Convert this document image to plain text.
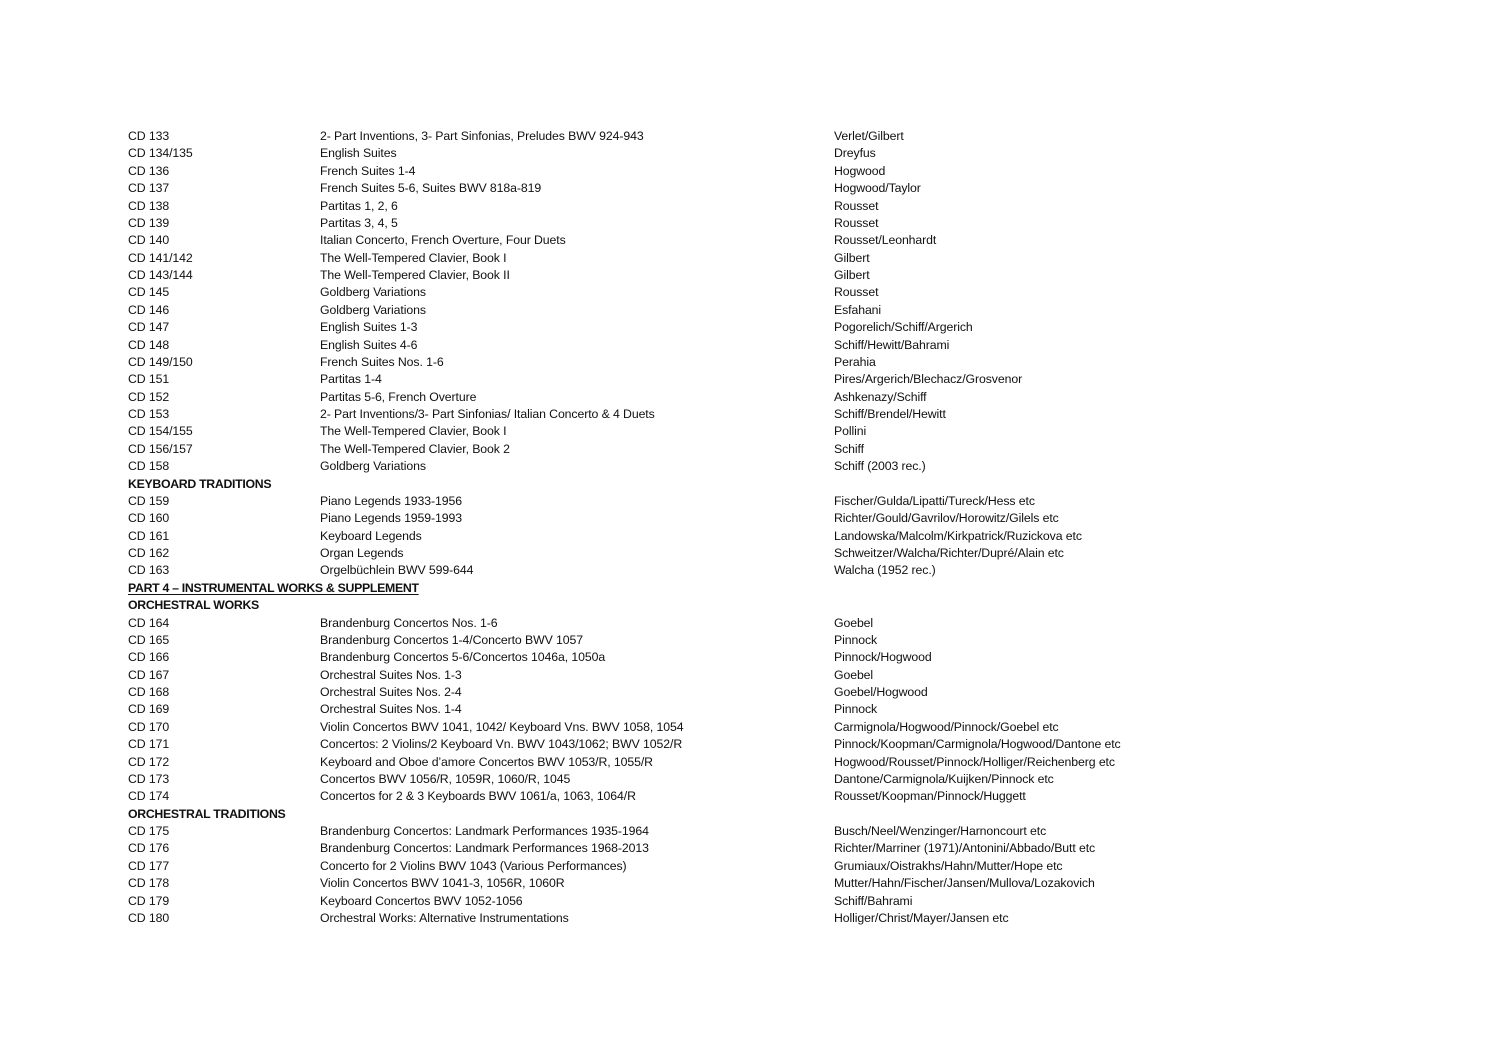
CD 133	2- Part Inventions, 3- Part Sinfonias, Preludes BWV 924-943	Verlet/Gilbert
CD 134/135	English Suites	Dreyfus
CD 136	French Suites 1-4	Hogwood
CD 137	French Suites 5-6, Suites BWV 818a-819	Hogwood/Taylor
CD 138	Partitas 1, 2, 6	Rousset
CD 139	Partitas 3, 4, 5	Rousset
CD 140	Italian Concerto, French Overture, Four Duets	Rousset/Leonhardt
CD 141/142	The Well-Tempered Clavier, Book I	Gilbert
CD 143/144	The Well-Tempered Clavier, Book II	Gilbert
CD 145	Goldberg Variations	Rousset
CD 146	Goldberg Variations	Esfahani
CD 147	English Suites 1-3	Pogorelich/Schiff/Argerich
CD 148	English Suites 4-6	Schiff/Hewitt/Bahrami
CD 149/150	French Suites Nos. 1-6	Perahia
CD 151	Partitas 1-4	Pires/Argerich/Blechacz/Grosvenor
CD 152	Partitas 5-6, French Overture	Ashkenazy/Schiff
CD 153	2- Part Inventions/3- Part Sinfonias/ Italian Concerto & 4 Duets	Schiff/Brendel/Hewitt
CD 154/155	The Well-Tempered Clavier, Book I	Pollini
CD 156/157	The Well-Tempered Clavier, Book 2	Schiff
CD 158	Goldberg Variations	Schiff (2003 rec.)
KEYBOARD TRADITIONS
CD 159	Piano Legends 1933-1956	Fischer/Gulda/Lipatti/Tureck/Hess etc
CD 160	Piano Legends 1959-1993	Richter/Gould/Gavrilov/Horowitz/Gilels etc
CD 161	Keyboard Legends	Landowska/Malcolm/Kirkpatrick/Ruzickova etc
CD 162	Organ Legends	Schweitzer/Walcha/Richter/Dupré/Alain etc
CD 163	Orgelbüchlein BWV 599-644	Walcha (1952 rec.)
PART 4 – INSTRUMENTAL WORKS & SUPPLEMENT
ORCHESTRAL WORKS
CD 164	Brandenburg Concertos Nos. 1-6	Goebel
CD 165	Brandenburg Concertos 1-4/Concerto BWV 1057	Pinnock
CD 166	Brandenburg Concertos 5-6/Concertos 1046a, 1050a	Pinnock/Hogwood
CD 167	Orchestral Suites Nos. 1-3	Goebel
CD 168	Orchestral Suites Nos. 2-4	Goebel/Hogwood
CD 169	Orchestral Suites Nos. 1-4	Pinnock
CD 170	Violin Concertos BWV 1041, 1042/ Keyboard Vns. BWV 1058, 1054	Carmignola/Hogwood/Pinnock/Goebel etc
CD 171	Concertos: 2 Violins/2 Keyboard Vn. BWV 1043/1062; BWV 1052/R	Pinnock/Koopman/Carmignola/Hogwood/Dantone etc
CD 172	Keyboard and Oboe d’amore Concertos BWV 1053/R, 1055/R	Hogwood/Rousset/Pinnock/Holliger/Reichenberg etc
CD 173	Concertos BWV 1056/R, 1059R, 1060/R, 1045	Dantone/Carmignola/Kuijken/Pinnock etc
CD 174	Concertos for 2 & 3 Keyboards BWV 1061/a, 1063, 1064/R	Rousset/Koopman/Pinnock/Huggett
ORCHESTRAL TRADITIONS
CD 175	Brandenburg Concertos: Landmark Performances 1935-1964	Busch/Neel/Wenzinger/Harnoncourt etc
CD 176	Brandenburg Concertos: Landmark Performances 1968-2013	Richter/Marriner (1971)/Antonini/Abbado/Butt etc
CD 177	Concerto for 2 Violins BWV 1043 (Various Performances)	Grumiaux/Oistrakhs/Hahn/Mutter/Hope etc
CD 178	Violin Concertos BWV 1041-3, 1056R, 1060R	Mutter/Hahn/Fischer/Jansen/Mullova/Lozakovich
CD 179	Keyboard Concertos BWV 1052-1056	Schiff/Bahrami
CD 180	Orchestral Works: Alternative Instrumentations	Holliger/Christ/Mayer/Jansen etc
